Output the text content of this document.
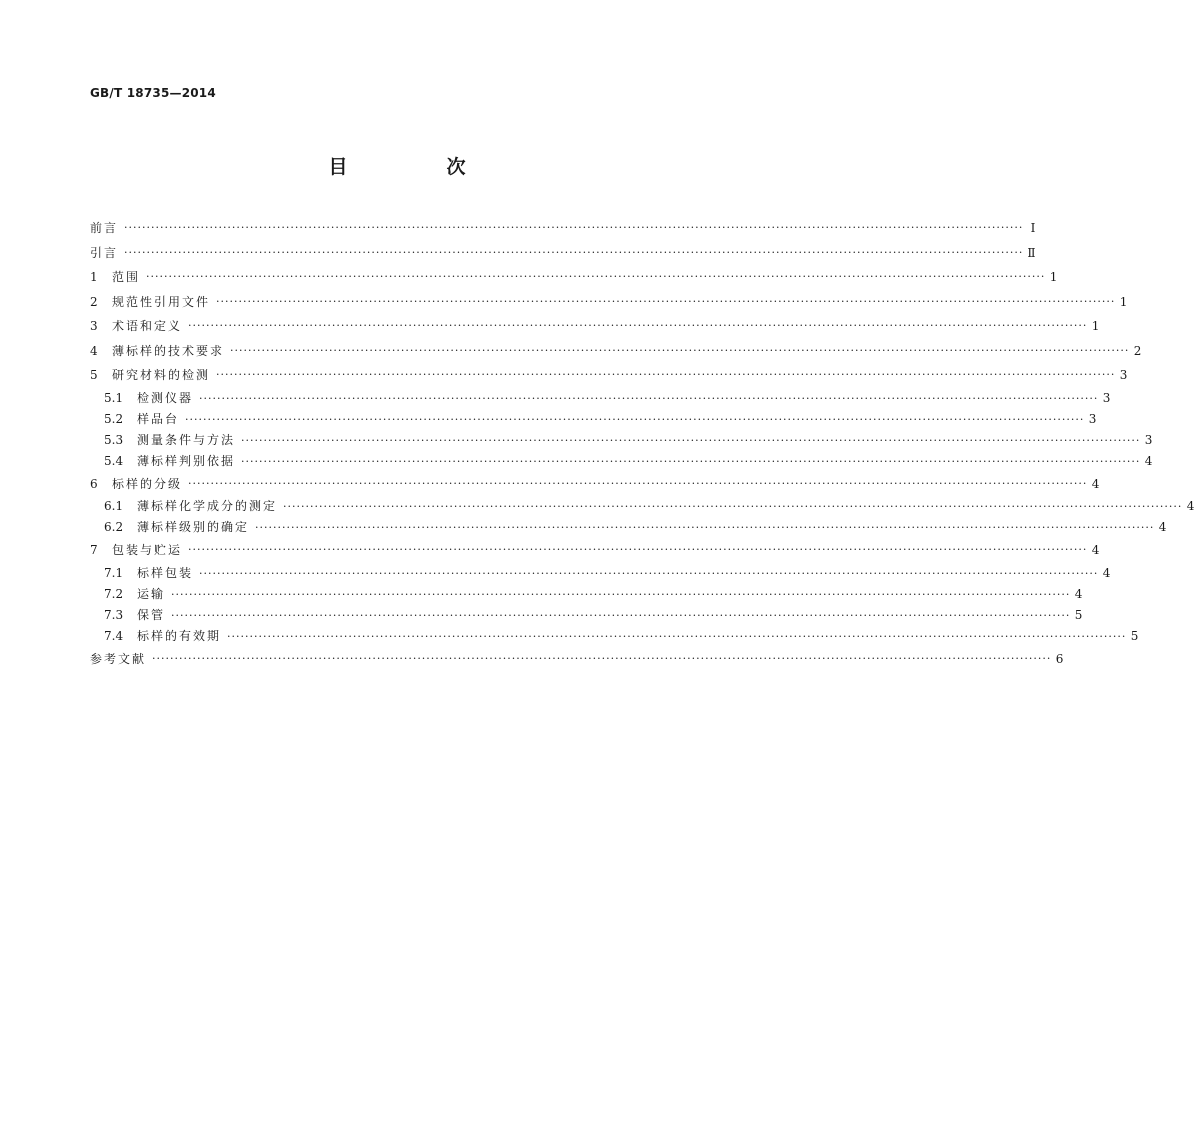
GB/T 18735—2014
目　次
前言 ········································································································································································································ Ⅰ
引言 ········································································································································································································ Ⅱ
1	范围 ········································································································································································································ 1
2	规范性引用文件 ········································································································································································································ 1
3	术语和定义 ········································································································································································································ 1
4	薄标样的技术要求 ········································································································································································································ 2
5	研究材料的检测 ········································································································································································································ 3
5.1	检测仪器 ········································································································································································································ 3
5.2	样品台 ········································································································································································································ 3
5.3	测量条件与方法 ········································································································································································································ 3
5.4	薄标样判别依据 ········································································································································································································ 4
6	标样的分级 ········································································································································································································ 4
6.1	薄标样化学成分的测定 ········································································································································································································ 4
6.2	薄标样级别的确定 ········································································································································································································ 4
7	包装与贮运 ········································································································································································································ 4
7.1	标样包装 ········································································································································································································ 4
7.2	运输 ········································································································································································································ 4
7.3	保管 ········································································································································································································ 5
7.4	标样的有效期 ········································································································································································································ 5
参考文献 ········································································································································································································ 6
